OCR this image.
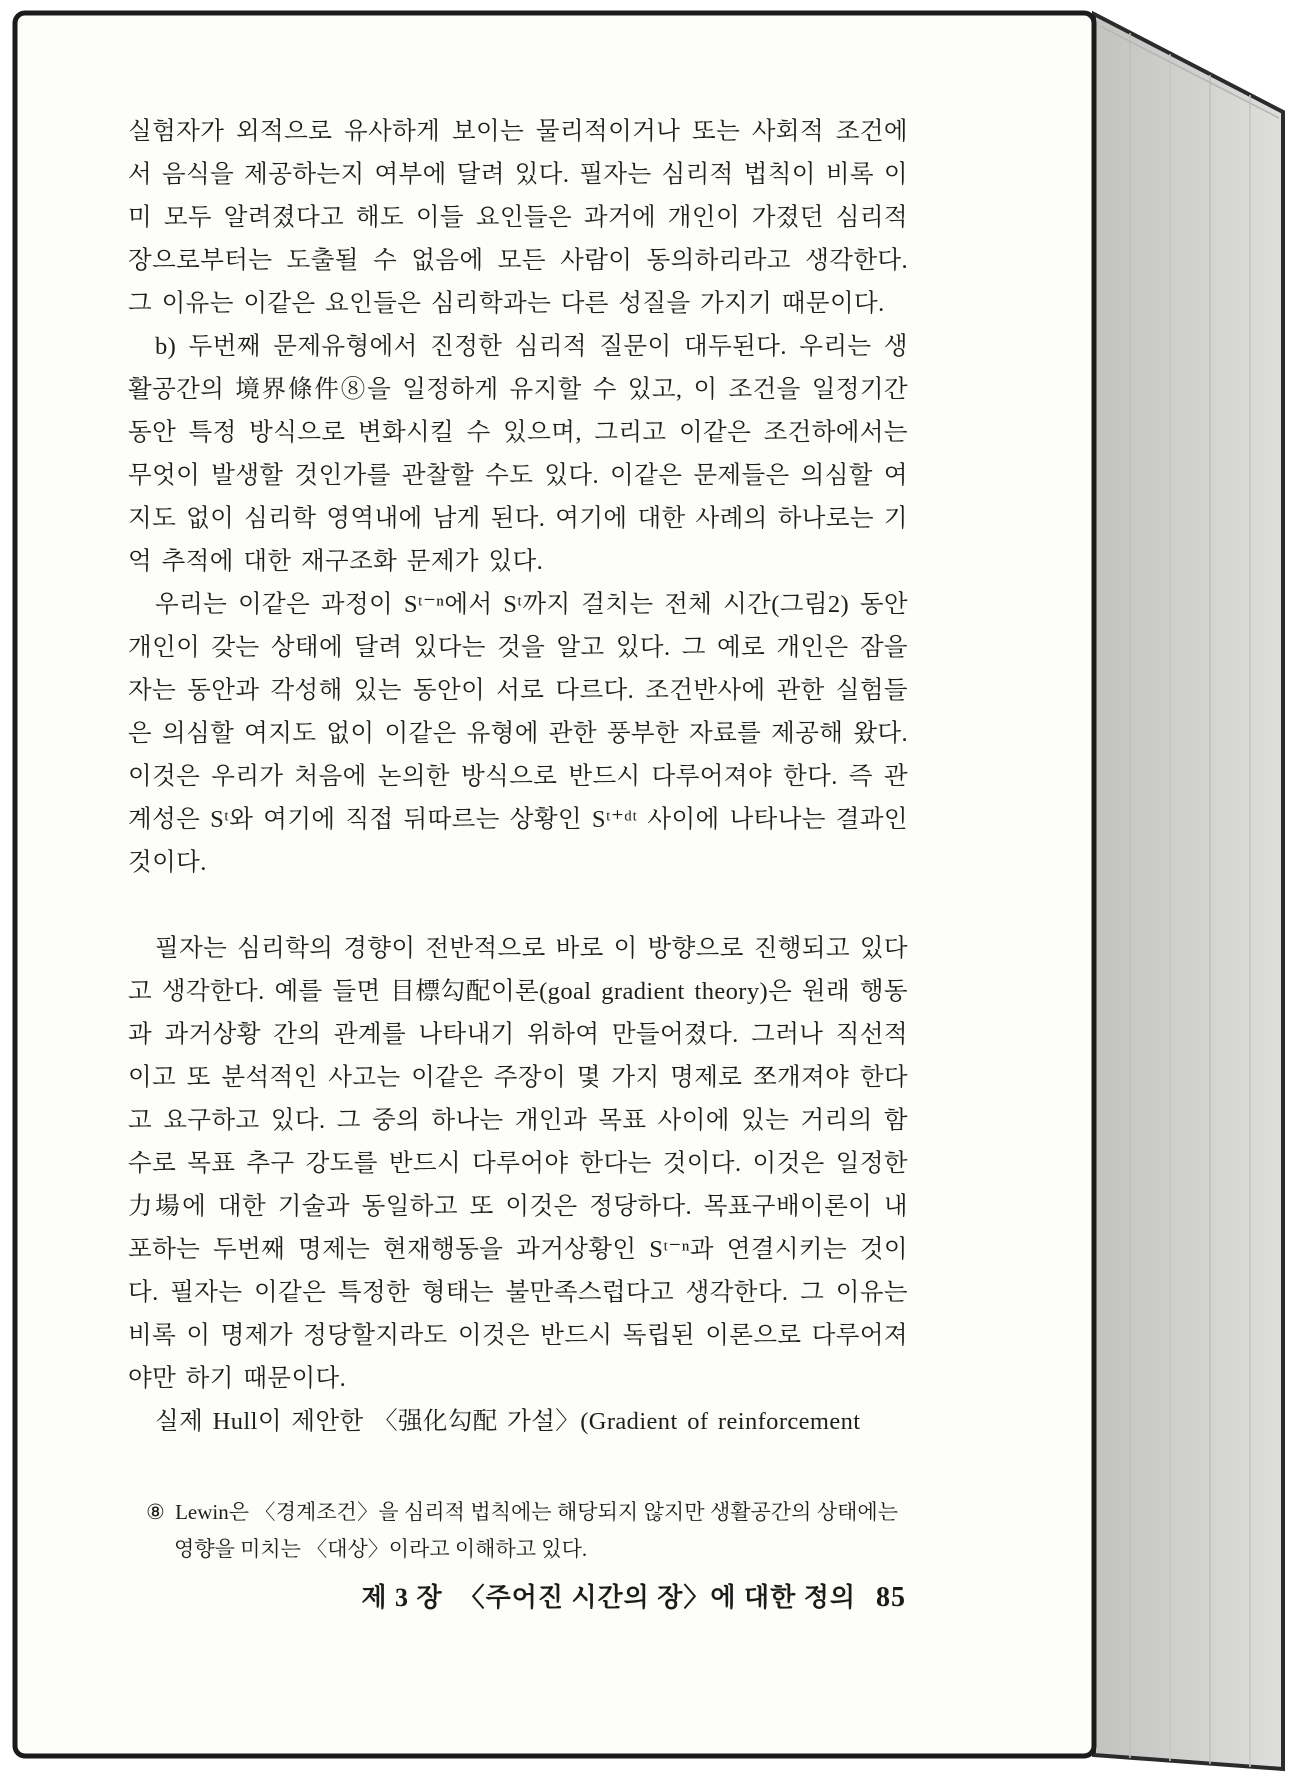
실험자가 외적으로 유사하게 보이는 물리적이거나 또는 사회적 조건에서 음식을 제공하는지 여부에 달려 있다. 필자는 심리적 법칙이 비록 이미 모두 알려졌다고 해도 이들 요인들은 과거에 개인이 가졌던 심리적 장으로부터는 도출될 수 없음에 모든 사람이 동의하리라고 생각한다. 그 이유는 이같은 요인들은 심리학과는 다른 성질을 가지기 때문이다.

b) 두번째 문제유형에서 진정한 심리적 질문이 대두된다. 우리는 생활공간의 境界條件⑧을 일정하게 유지할 수 있고, 이 조건을 일정기간 동안 특정 방식으로 변화시킬 수 있으며, 그리고 이같은 조건하에서는 무엇이 발생할 것인가를 관찰할 수도 있다. 이같은 문제들은 의심할 여지도 없이 심리학 영역내에 남게 된다. 여기에 대한 사례의 하나로는 기억 추적에 대한 재구조화 문제가 있다.

우리는 이같은 과정이 Sᵗ⁻ⁿ에서 Sᵗ까지 걸치는 전체 시간(그림2) 동안 개인이 갖는 상태에 달려 있다는 것을 알고 있다. 그 예로 개인은 잠을 자는 동안과 각성해 있는 동안이 서로 다르다. 조건반사에 관한 실험들은 의심할 여지도 없이 이같은 유형에 관한 풍부한 자료를 제공해 왔다. 이것은 우리가 처음에 논의한 방식으로 반드시 다루어져야 한다. 즉 관계성은 Sᵗ와 여기에 직접 뒤따르는 상황인 Sᵗ⁺ᵈᵗ 사이에 나타나는 결과인 것이다.

필자는 심리학의 경향이 전반적으로 바로 이 방향으로 진행되고 있다고 생각한다. 예를 들면 目標勾配이론(goal gradient theory)은 원래 행동과 과거상황 간의 관계를 나타내기 위하여 만들어졌다. 그러나 직선적이고 또 분석적인 사고는 이같은 주장이 몇 가지 명제로 쪼개져야 한다고 요구하고 있다. 그 중의 하나는 개인과 목표 사이에 있는 거리의 함수로 목표 추구 강도를 반드시 다루어야 한다는 것이다. 이것은 일정한 力場에 대한 기술과 동일하고 또 이것은 정당하다. 목표구배이론이 내포하는 두번째 명제는 현재행동을 과거상황인 Sᵗ⁻ⁿ과 연결시키는 것이다. 필자는 이같은 특정한 형태는 불만족스럽다고 생각한다. 그 이유는 비록 이 명제가 정당할지라도 이것은 반드시 독립된 이론으로 다루어져야만 하기 때문이다.

실제 Hull이 제안한 〈强化勾配 가설〉(Gradient of reinforcement

⑧ Lewin은 〈경계조건〉을 심리적 법칙에는 해당되지 않지만 생활공간의 상태에는 영향을 미치는 〈대상〉이라고 이해하고 있다.
제 3 장 〈주어진 시간의 장〉에 대한 정의 85
